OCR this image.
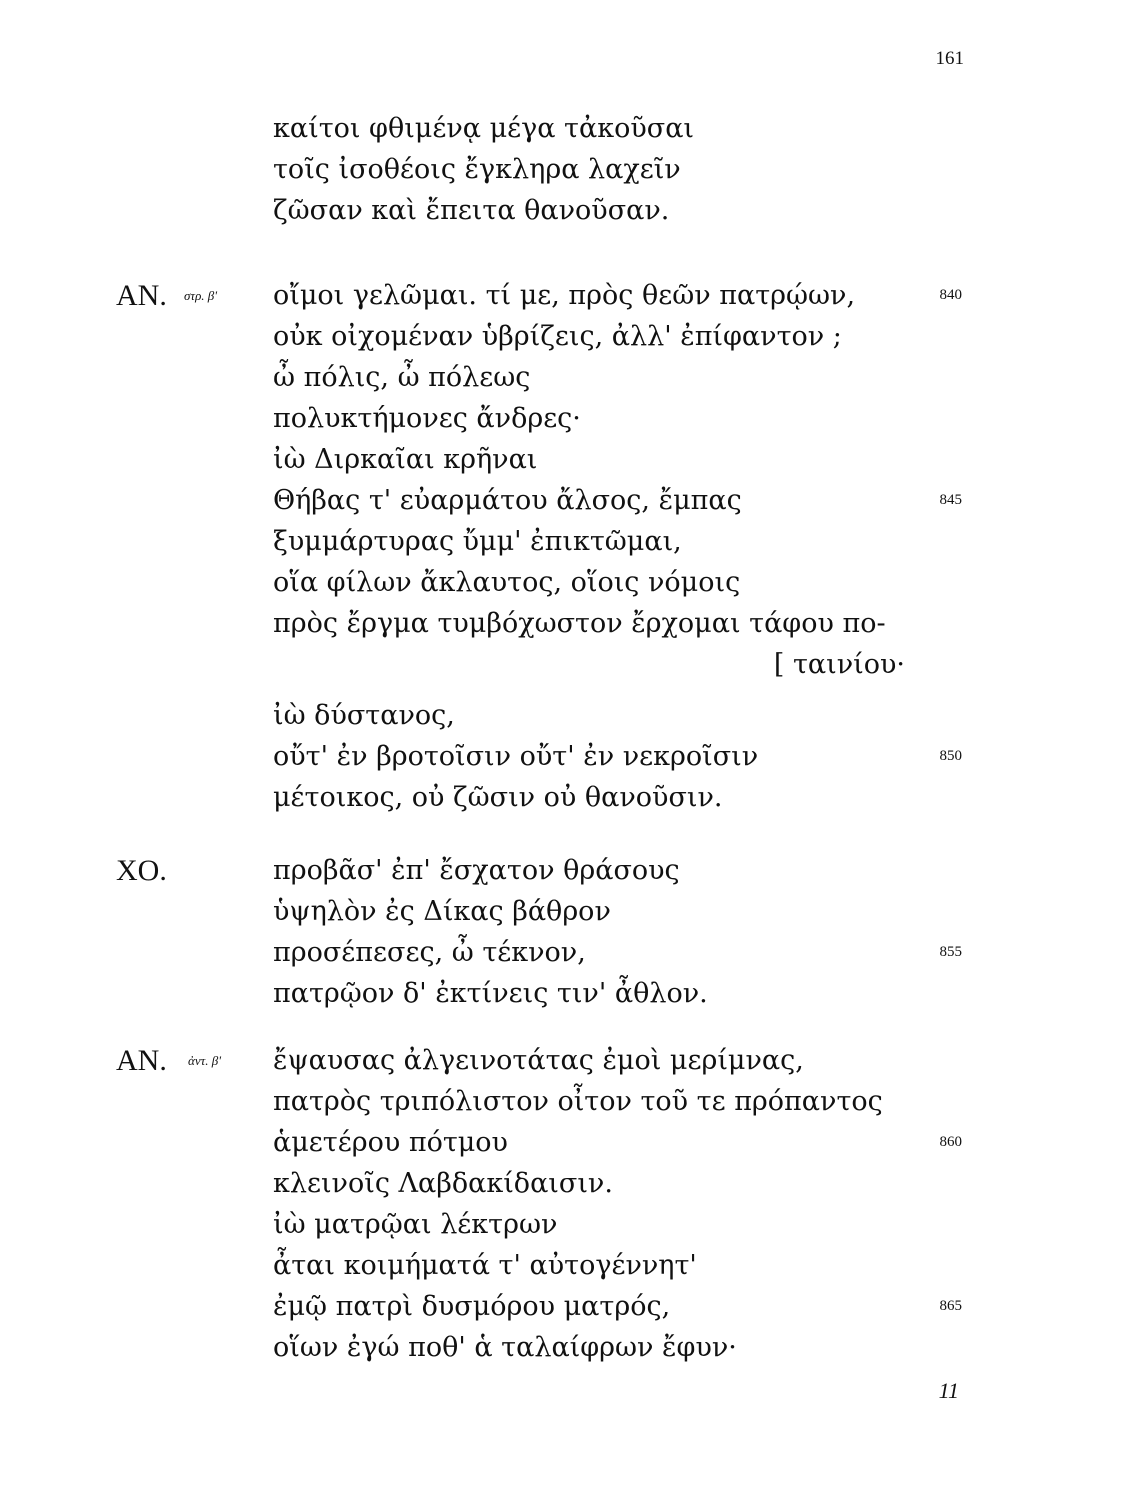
161
καίτοι φθιμένᾳ μέγα τἀκοῦσαι
τοῖς ἰσοθέοις ἔγκληρα λαχεῖν
ζῶσαν καὶ ἔπειτα θανοῦσαν.
ΑΝ. στρ. β' οἴμοι γελῶμαι. τί με, πρὸς θεῶν πατρῴων,	840
οὐκ οἰχομέναν ὑβρίζεις, ἀλλ' ἐπίφαντον ;
ὦ πόλις, ὦ πόλεως
πολυκτήμονες ἄνδρες·
ἰὼ Διρκαῖαι κρῆναι
Θήβας τ' εὐαρμάτου ἄλσος, ἔμπας	845
ξυμμάρτυρας ὔμμ' ἐπικτῶμαι,
οἵα φίλων ἄκλαυτος, οἵοις νόμοις
πρὸς ἔργμα τυμβόχωστον ἔρχομαι τάφου πο-
[ ταινίου·
ἰὼ δύστανος,
οὔτ' ἐν βροτοῖσιν οὔτ' ἐν νεκροῖσιν	850
μέτοικος, οὐ ζῶσιν οὐ θανοῦσιν.
ΧΟ.	προβᾶσ' ἐπ' ἔσχατον θράσους
ὑψηλὸν ἐς Δίκας βάθρον
προσέπεσες, ὦ τέκνον,	855
πατρῷον δ' ἐκτίνεις τιν' ἆθλον.
ΑΝ. ἀντ. β' ἔψαυσας ἀλγεινοτάτας ἐμοὶ μερίμνας,
πατρὸς τριπόλιστον οἶτον τοῦ τε πρόπαντος
ἁμετέρου πότμου	860
κλεινοῖς Λαβδακίδαισιν.
ἰὼ ματρῷαι λέκτρων
ἆται κοιμήματά τ' αὐτογέννητ'
ἐμῷ πατρὶ δυσμόρου ματρός,	865
οἵων ἐγώ ποθ' ἁ ταλαίφρων ἔφυν·
11
